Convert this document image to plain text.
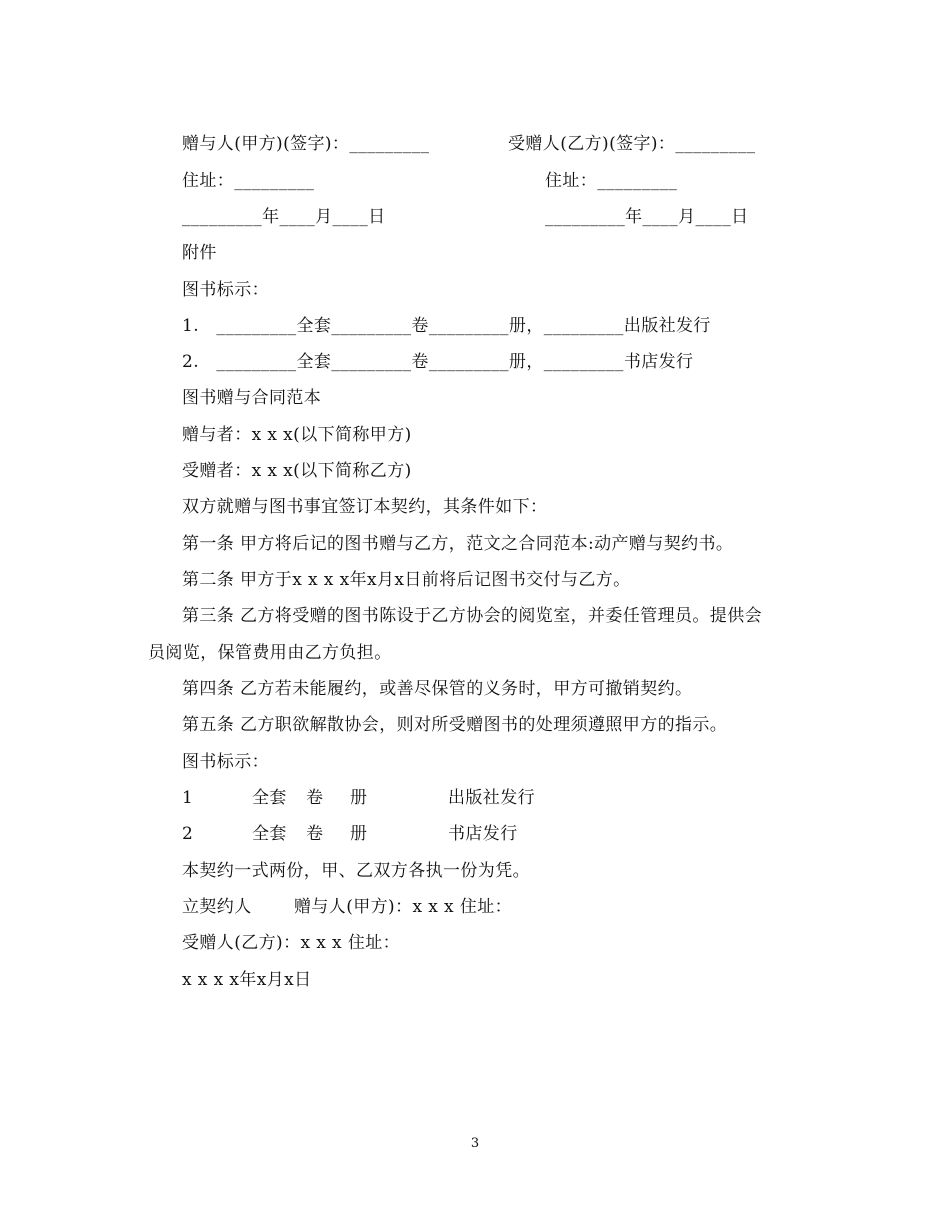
赠与人(甲方)(签字)：_________	受赠人(乙方)(签字)：_________
住址：_________	住址：_________
_________年____月____日	_________年____月____日
附件
图书标示：
1.　_________全套_________卷_________册，_________出版社发行
2.　_________全套_________卷_________册，_________书店发行
图书赠与合同范本
赠与者：x x x(以下简称甲方)
受赠者：x x x(以下简称乙方)
双方就赠与图书事宜签订本契约，其条件如下：
第一条 甲方将后记的图书赠与乙方，范文之合同范本:动产赠与契约书。
第二条 甲方于x x x x年x月x日前将后记图书交付与乙方。
第三条 乙方将受赠的图书陈设于乙方协会的阅览室，并委任管理员。提供会
员阅览，保管费用由乙方负担。
第四条 乙方若未能履约，或善尽保管的义务时，甲方可撤销契约。
第五条 乙方职欲解散协会，则对所受赠图书的处理须遵照甲方的指示。
图书标示：
1	全套 卷 册	出版社发行
2	全套 卷 册	书店发行
本契约一式两份，甲、乙双方各执一份为凭。
立契约人 赠与人(甲方)：x x x 住址：
受赠人(乙方)：x x x 住址：
x x x x年x月x日
3
